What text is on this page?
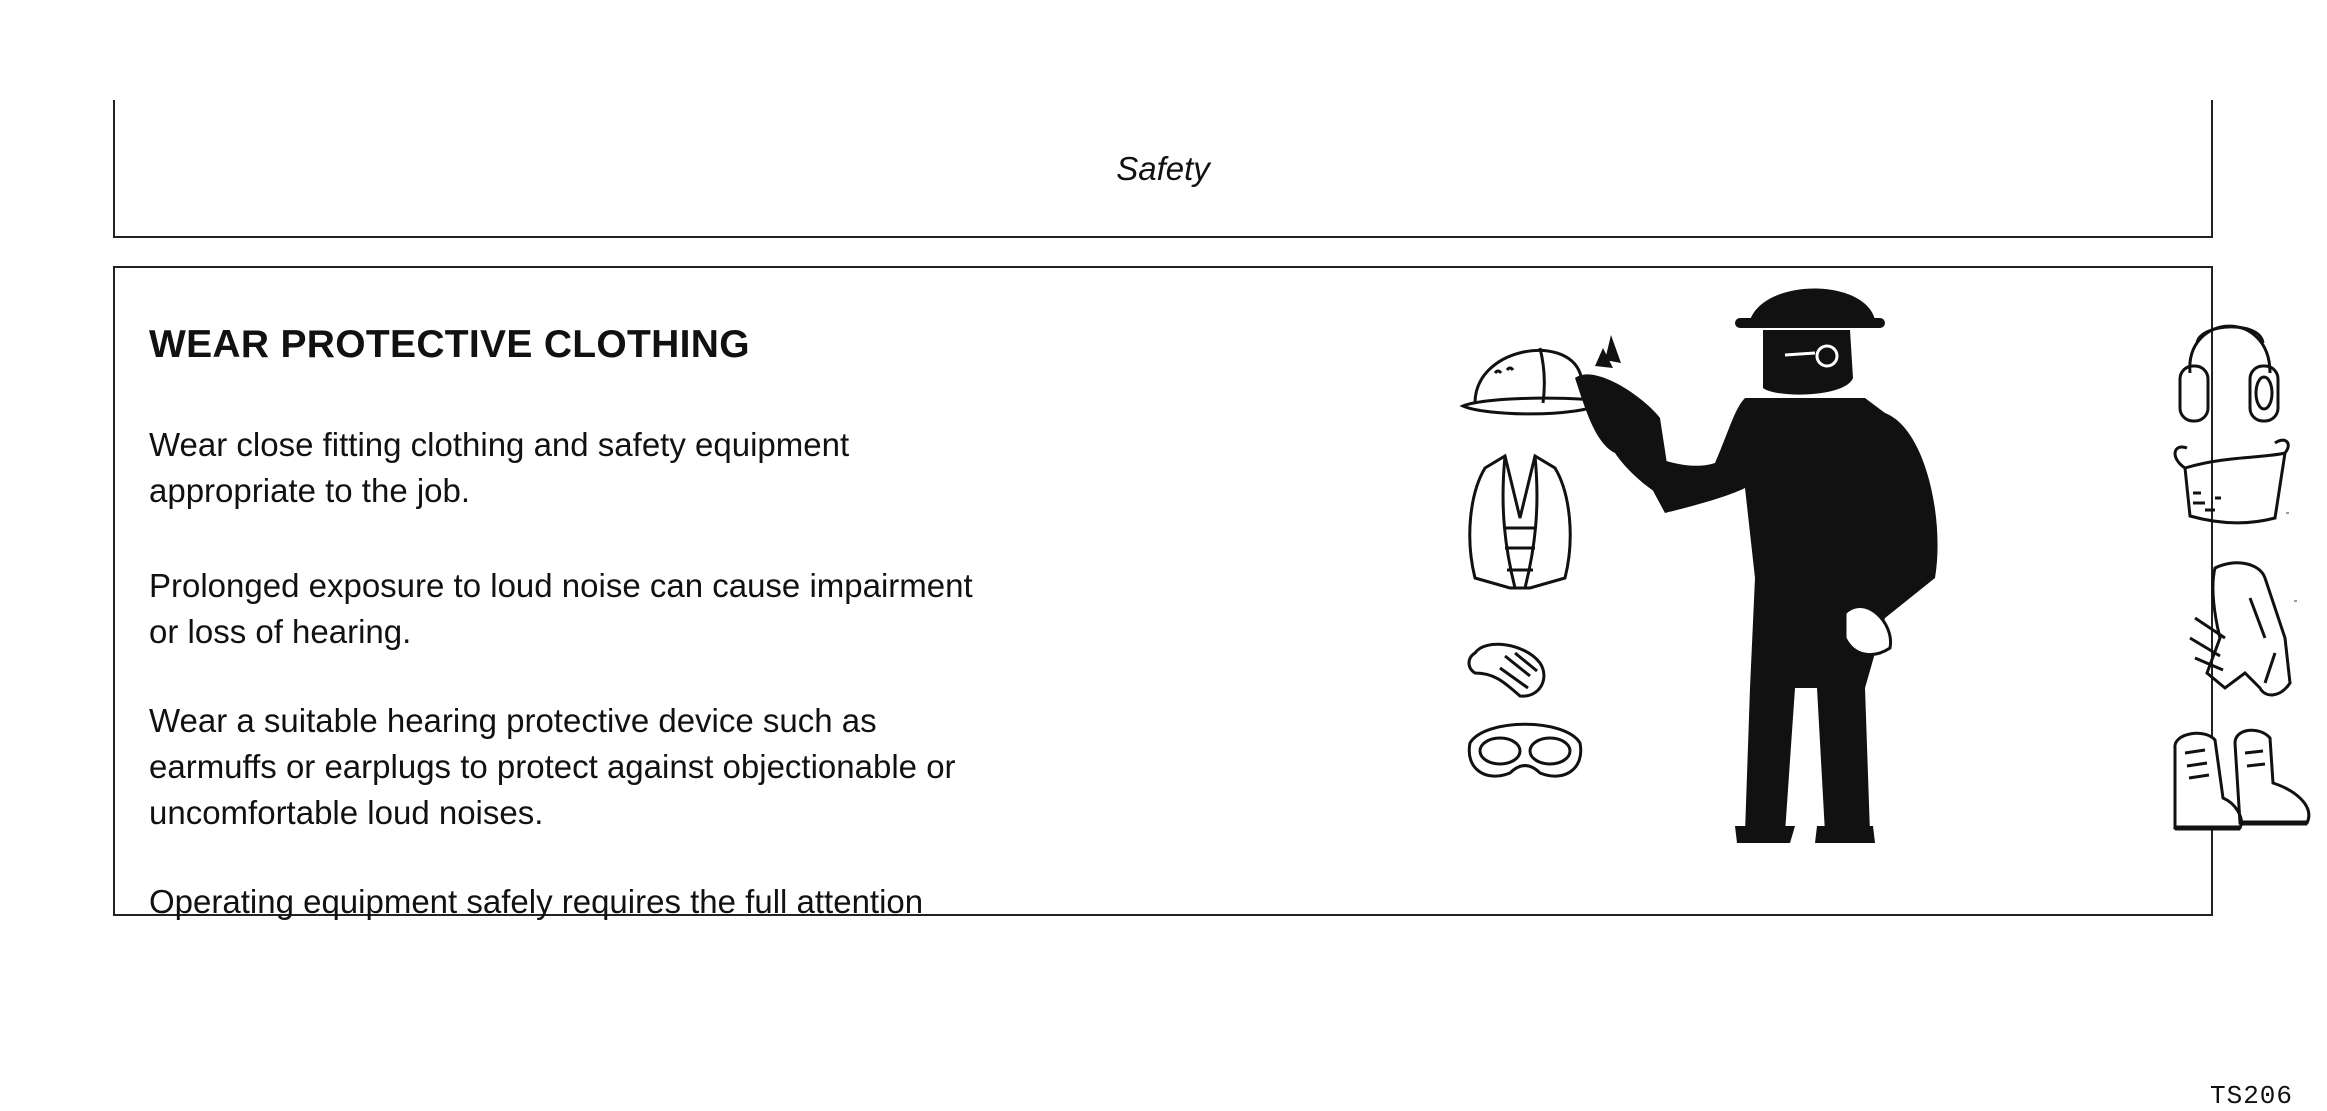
Safety
WEAR PROTECTIVE CLOTHING
Wear close fitting clothing and safety equipment
appropriate to the job.
Prolonged exposure to loud noise can cause impairment
or loss of hearing.
Wear a suitable hearing protective device such as
earmuffs or earplugs to protect against objectionable or
uncomfortable loud noises.
Operating equipment safely requires the full attention
TS206
